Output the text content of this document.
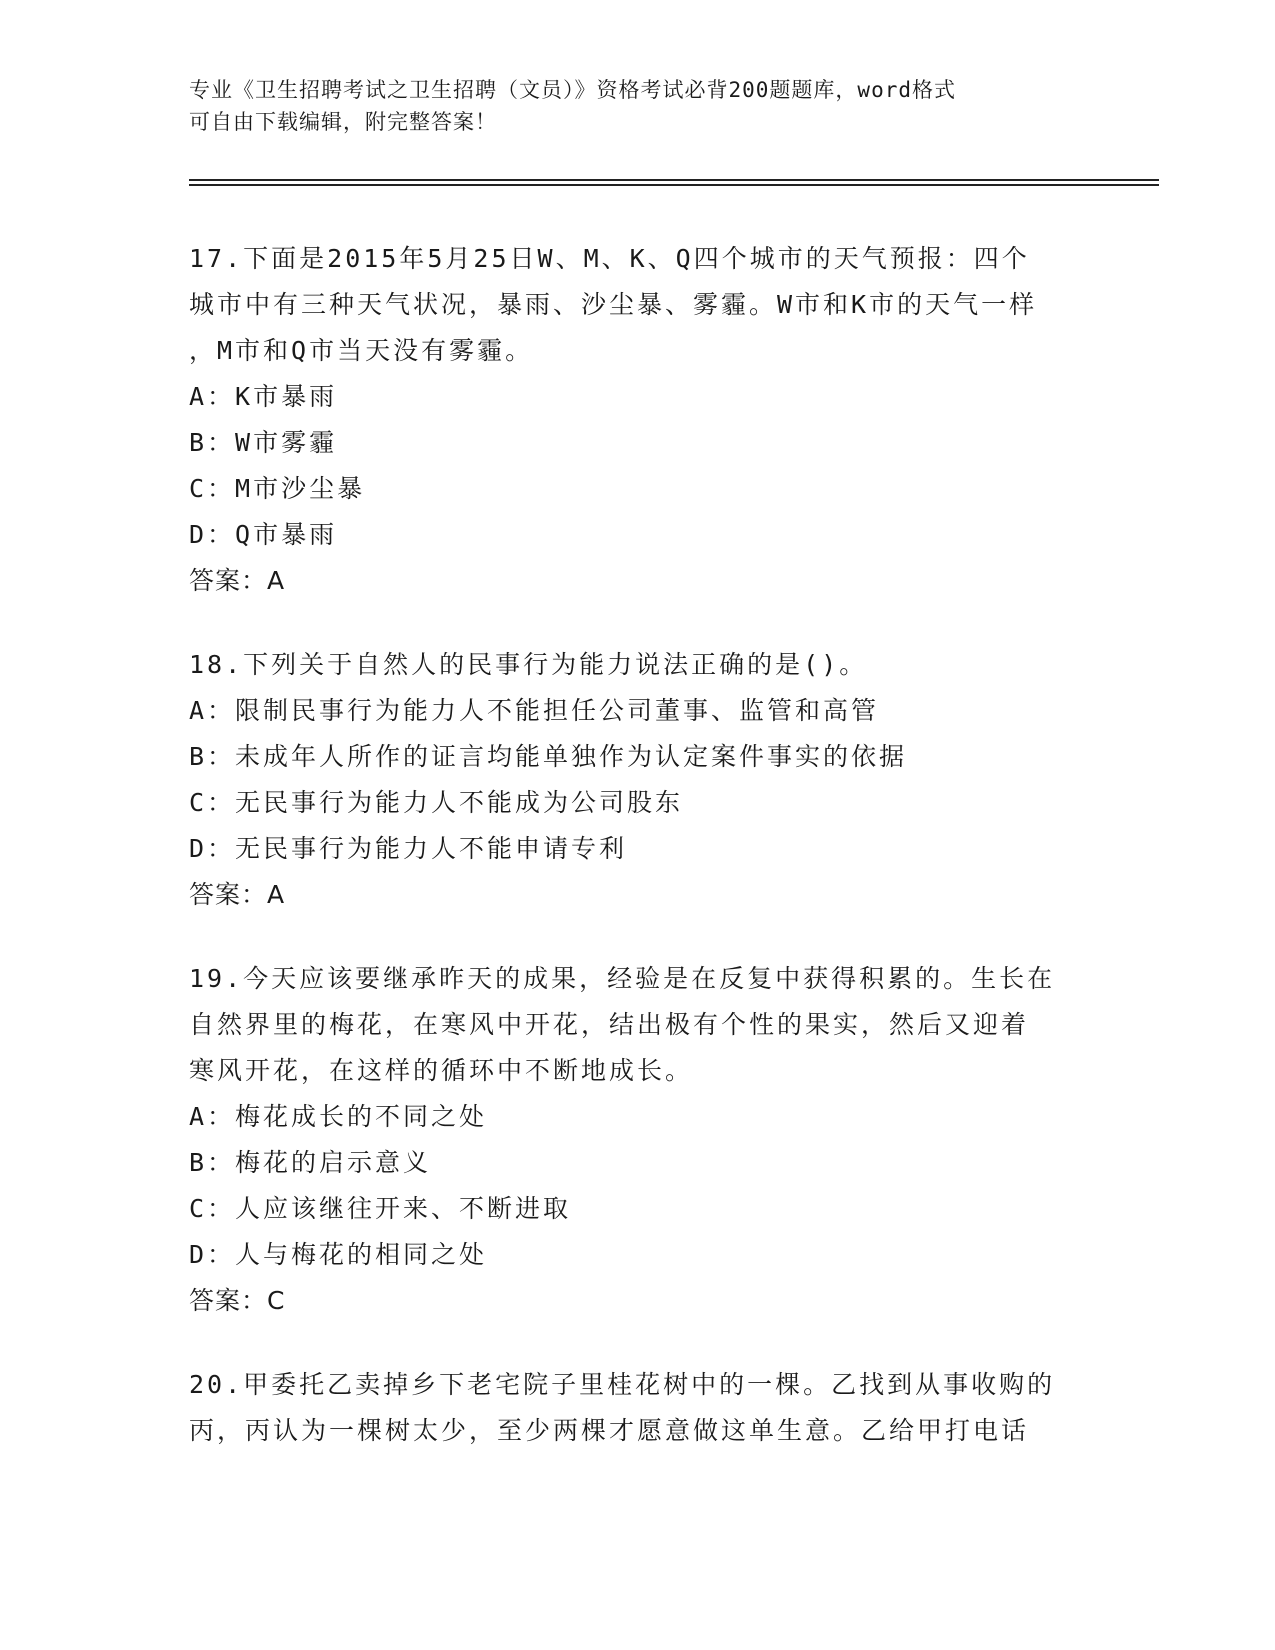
专业《卫生招聘考试之卫生招聘（文员）》资格考试必背200题题库，word格式
可自由下载编辑，附完整答案！
17.下面是2015年5月25日W、M、K、Q四个城市的天气预报：四个
城市中有三种天气状况，暴雨、沙尘暴、雾霾。W市和K市的天气一样
，M市和Q市当天没有雾霾。
A：K市暴雨
B：W市雾霾
C：M市沙尘暴
D：Q市暴雨
答案：A
18.下列关于自然人的民事行为能力说法正确的是()。
A：限制民事行为能力人不能担任公司董事、监管和高管
B：未成年人所作的证言均能单独作为认定案件事实的依据
C：无民事行为能力人不能成为公司股东
D：无民事行为能力人不能申请专利
答案：A
19.今天应该要继承昨天的成果，经验是在反复中获得积累的。生长在
自然界里的梅花，在寒风中开花，结出极有个性的果实，然后又迎着
寒风开花，在这样的循环中不断地成长。
A：梅花成长的不同之处
B：梅花的启示意义
C：人应该继往开来、不断进取
D：人与梅花的相同之处
答案：C
20.甲委托乙卖掉乡下老宅院子里桂花树中的一棵。乙找到从事收购的
丙，丙认为一棵树太少，至少两棵才愿意做这单生意。乙给甲打电话
